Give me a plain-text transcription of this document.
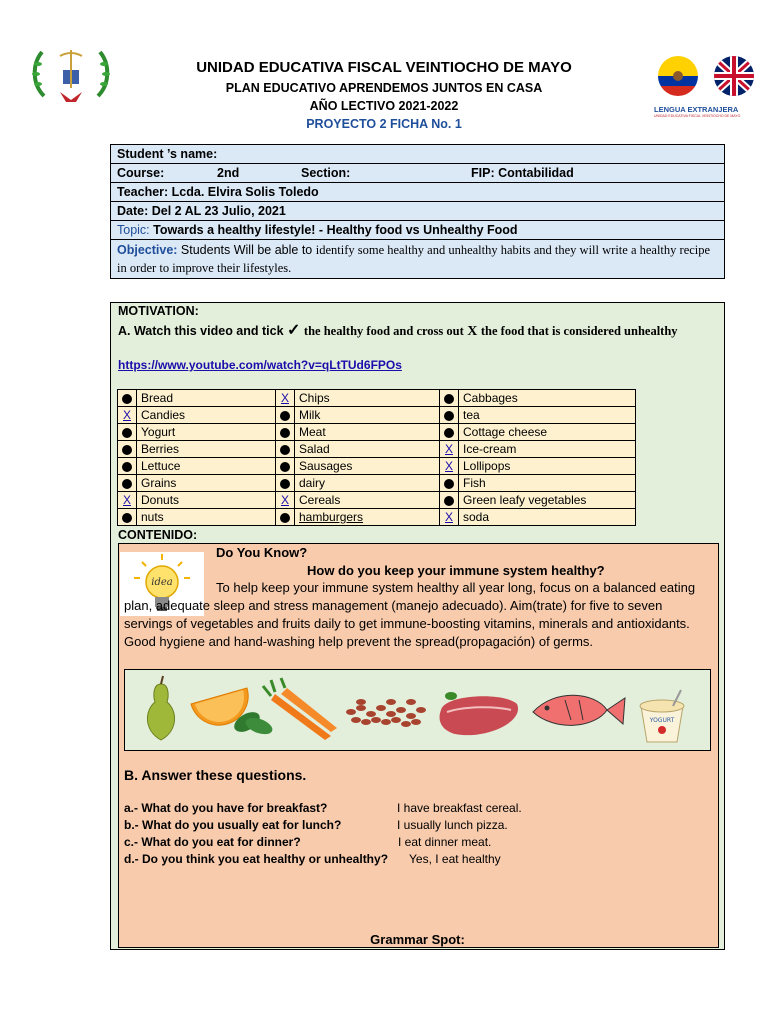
UNIDAD EDUCATIVA FISCAL VEINTIOCHO DE MAYO
PLAN EDUCATIVO APRENDEMOS JUNTOS EN CASA
AÑO LECTIVO 2021-2022
PROYECTO 2 FICHA No. 1
LENGUA EXTRANJERA
UNIDAD EDUCATIVA FISCAL VEINTIOCHO DE MAYO
Student ’s name:
Course:	2nd	Section:	FIP: Contabilidad
Teacher: Lcda. Elvira Solis Toledo
Date: Del 2 AL 23 Julio, 2021
Topic: Towards a healthy lifestyle! - Healthy food vs Unhealthy Food
Objective: Students Will be able to identify some healthy and unhealthy habits and they will write a healthy recipe in order to improve their lifestyles.
MOTIVATION:
A. Watch this video and tick ✓ the healthy food and cross out X the food that is considered unhealthy
https://www.youtube.com/watch?v=qLtTUd6FPOs
	Bread	X	Chips		Cabbages
X	Candies		Milk		tea
	Yogurt		Meat		Cottage cheese
	Berries		Salad	X	Ice-cream
	Lettuce		Sausages	X	Lollipops
	Grains		dairy		Fish
X	Donuts	X	Cereals		Green leafy vegetables
	nuts		hamburgers	X	soda
CONTENIDO:
idea
Do You Know?
How do you keep your immune system healthy?
To help keep your immune system healthy all year long, focus on a balanced eating plan, adequate sleep and stress management (manejo adecuado). Aim(trate) for five to seven servings of vegetables and fruits daily to get immune-boosting vitamins, minerals and antioxidants. Good hygiene and hand-washing help prevent the spread(propagación) of germs.
YOGURT
B. Answer these questions.
a.- What do you have for breakfast?	I have breakfast cereal.
b.- What do you usually eat for lunch?	I usually lunch pizza.
c.- What do you eat for dinner?	I eat dinner meat.
d.- Do you think you eat healthy or unhealthy? Yes, I eat healthy
Grammar Spot:
